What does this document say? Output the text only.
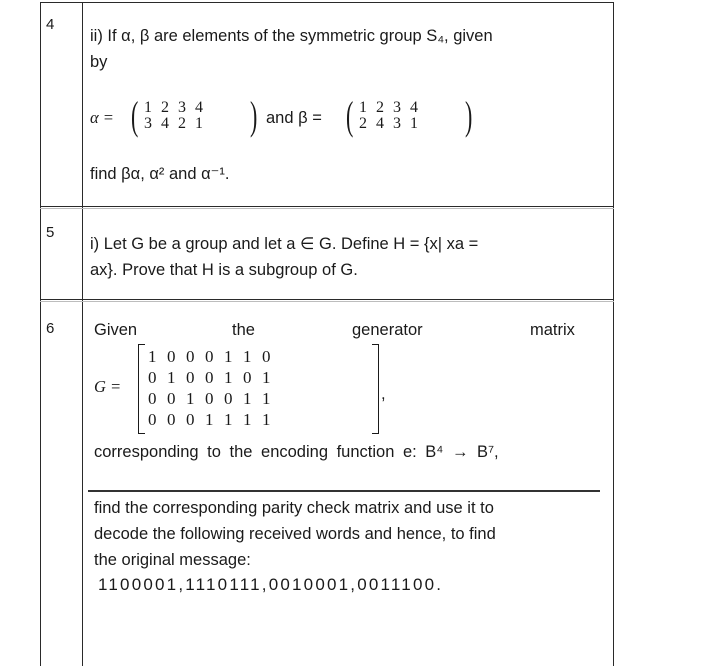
4
ii) If α, β are elements of the symmetric group S₄, given
by
α = ( 1 2 3 4
3 4 2 1 ) and β = ( 1 2 3 4
2 4 3 1 )
find βα, α² and α⁻¹.
5
i) Let G be a group and let a ∈ G. Define H = {x| xa =
ax}. Prove that H is a subgroup of G.
6 Given	the	generator	matrix
G =
1 0 0 0 1 1 0
0 1 0 0 1 0 1
0 0 1 0 0 1 1
0 0 0 1 1 1 1
,
corresponding to the encoding function e: B⁴ → B⁷,
find the corresponding parity check matrix and use it to
decode the following received words and hence, to find
the original message:
1100001,1110111,0010001,0011100.
